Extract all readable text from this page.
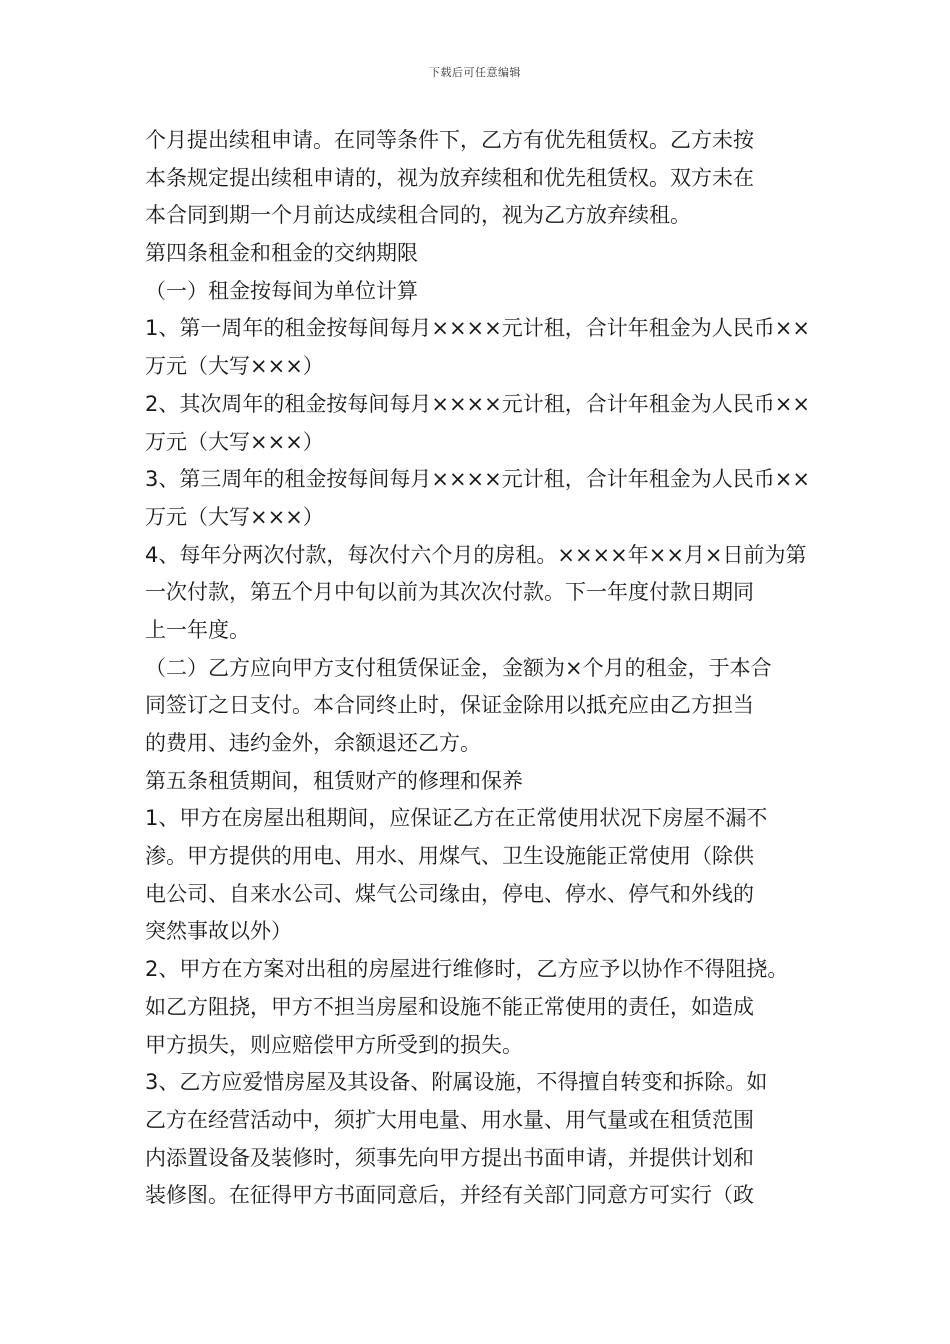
下载后可任意编辑
个月提出续租申请。在同等条件下，乙方有优先租赁权。乙方未按
本条规定提出续租申请的，视为放弃续租和优先租赁权。双方未在
本合同到期一个月前达成续租合同的，视为乙方放弃续租。
第四条租金和租金的交纳期限
（一）租金按每间为单位计算
1、第一周年的租金按每间每月××××元计租，合计年租金为人民币××
万元（大写×××）
2、其次周年的租金按每间每月××××元计租，合计年租金为人民币××
万元（大写×××）
3、第三周年的租金按每间每月××××元计租，合计年租金为人民币××
万元（大写×××）
4、每年分两次付款，每次付六个月的房租。××××年××月×日前为第
一次付款，第五个月中旬以前为其次次付款。下一年度付款日期同
上一年度。
（二）乙方应向甲方支付租赁保证金，金额为×个月的租金，于本合
同签订之日支付。本合同终止时，保证金除用以抵充应由乙方担当
的费用、违约金外，余额退还乙方。
第五条租赁期间，租赁财产的修理和保养
1、甲方在房屋出租期间，应保证乙方在正常使用状况下房屋不漏不
渗。甲方提供的用电、用水、用煤气、卫生设施能正常使用（除供
电公司、自来水公司、煤气公司缘由，停电、停水、停气和外线的
突然事故以外）
2、甲方在方案对出租的房屋进行维修时，乙方应予以协作不得阻挠。
如乙方阻挠，甲方不担当房屋和设施不能正常使用的责任，如造成
甲方损失，则应赔偿甲方所受到的损失。
3、乙方应爱惜房屋及其设备、附属设施，不得擅自转变和拆除。如
乙方在经营活动中，须扩大用电量、用水量、用气量或在租赁范围
内添置设备及装修时，须事先向甲方提出书面申请，并提供计划和
装修图。在征得甲方书面同意后，并经有关部门同意方可实行（政
